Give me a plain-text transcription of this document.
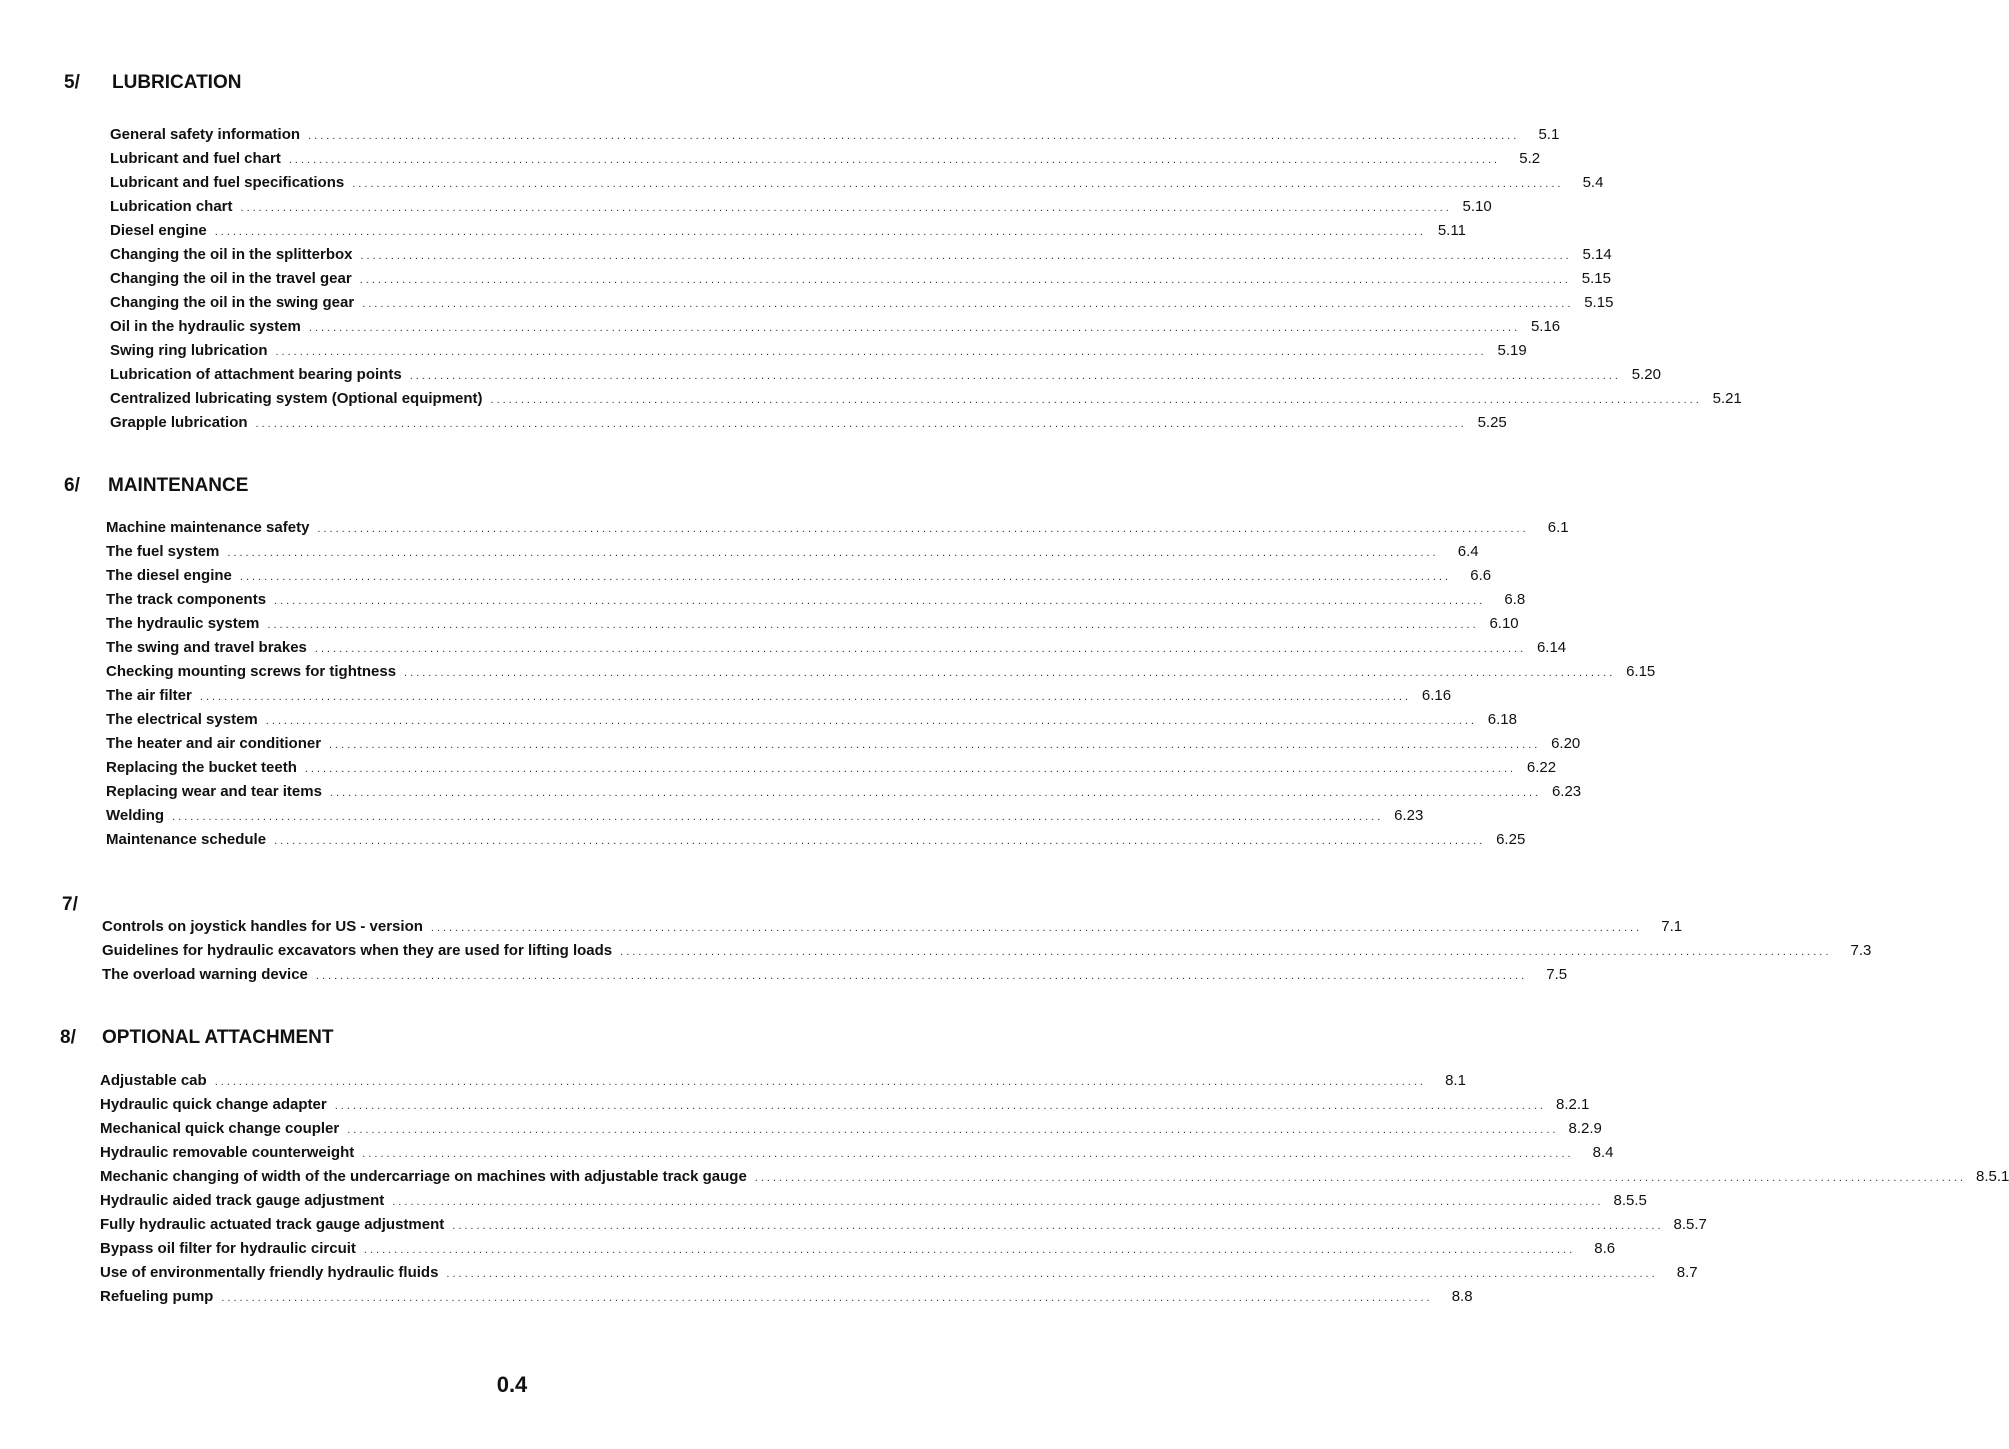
5/ LUBRICATION
General safety information ........................................................................................................................................................................................................	5.1
Lubricant and fuel chart ........................................................................................................................................................................................................	5.2
Lubricant and fuel specifications ........................................................................................................................................................................................................	5.4
Lubrication chart ........................................................................................................................................................................................................ 5.10
Diesel engine ........................................................................................................................................................................................................ 5.11
Changing the oil in the splitterbox ........................................................................................................................................................................................................ 5.14
Changing the oil in the travel gear ........................................................................................................................................................................................................ 5.15
Changing the oil in the swing gear ........................................................................................................................................................................................................ 5.15
Oil in the hydraulic system ........................................................................................................................................................................................................ 5.16
Swing ring lubrication ........................................................................................................................................................................................................ 5.19
Lubrication of attachment bearing points ........................................................................................................................................................................................................ 5.20
Centralized lubricating system (Optional equipment) ........................................................................................................................................................................................................ 5.21
Grapple lubrication ........................................................................................................................................................................................................ 5.25
6/ MAINTENANCE
Machine maintenance safety ........................................................................................................................................................................................................	6.1
The fuel system ........................................................................................................................................................................................................	6.4
The diesel engine ........................................................................................................................................................................................................	6.6
The track components ........................................................................................................................................................................................................	6.8
The hydraulic system ........................................................................................................................................................................................................ 6.10
The swing and travel brakes ........................................................................................................................................................................................................ 6.14
Checking mounting screws for tightness ........................................................................................................................................................................................................ 6.15
The air filter ........................................................................................................................................................................................................ 6.16
The electrical system ........................................................................................................................................................................................................ 6.18
The heater and air conditioner ........................................................................................................................................................................................................ 6.20
Replacing the bucket teeth ........................................................................................................................................................................................................ 6.22
Replacing wear and tear items ........................................................................................................................................................................................................ 6.23
Welding ........................................................................................................................................................................................................ 6.23
Maintenance schedule ........................................................................................................................................................................................................ 6.25
7/
Controls on joystick handles for US - version ........................................................................................................................................................................................................	7.1
Guidelines for hydraulic excavators when they are used for lifting loads ........................................................................................................................................................................................................	7.3
The overload warning device ........................................................................................................................................................................................................	7.5
8/ OPTIONAL ATTACHMENT
Adjustable cab ........................................................................................................................................................................................................	8.1
Hydraulic quick change adapter ........................................................................................................................................................................................................ 8.2.1
Mechanical quick change coupler ........................................................................................................................................................................................................ 8.2.9
Hydraulic removable counterweight ........................................................................................................................................................................................................	8.4
Mechanic changing of width of the undercarriage on machines with adjustable track gauge ........................................................................................................................................................................................................ 8.5.1
Hydraulic aided track gauge adjustment ........................................................................................................................................................................................................ 8.5.5
Fully hydraulic actuated track gauge adjustment ........................................................................................................................................................................................................ 8.5.7
Bypass oil filter for hydraulic circuit ........................................................................................................................................................................................................	8.6
Use of environmentally friendly hydraulic fluids ........................................................................................................................................................................................................	8.7
Refueling pump ........................................................................................................................................................................................................	8.8
0.4
